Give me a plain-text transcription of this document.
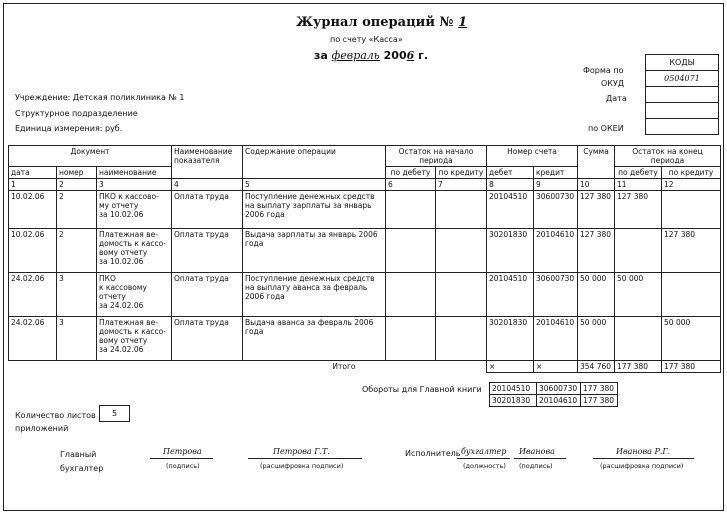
Журнал операций № 1
по счету «Касса»
за февраль 2006 г.
Форма по
ОКУД
Дата
по ОКЕИ
КОДЫ
0504071

Учреждение: Детская поликлиника № 1
Структурное подразделение
Единица измерения: руб.
Документ			Наименование показателя	Содержание операции	Остаток на начало периода		Номер счета		Сумма	Остаток на конец периода	
дата	номер	наименование			по дебету	по кредиту	дебет	кредит		по дебету	по кредиту
1	2	3	4	5	6	7	8	9	10	11	12
10.02.06	2	ПКО к кассово-
му отчету
за 10.02.06	Оплата труда	Поступление денежных средств на выплату зарплаты за январь 2006 года			20104510	30600730	127 380	127 380	
10.02.06	2	Платежная ве-
домость к кассо-
вому отчету
за 10.02.06	Оплата труда	Выдача зарплаты за январь 2006 года			30201830	20104610	127 380		127 380
24.02.06	3	ПКО
к кассовому
отчету
за 24.02.06	Оплата труда	Поступление денежных средств на выплату аванса за февраль 2006 года			20104510	30600730	50 000	50 000	
24.02.06	3	Платежная ве-
домость к кассо-
вому отчету
за 24.02.06	Оплата труда	Выдача аванса за февраль 2006 года			30201830	20104610	50 000		50 000
Итого							×	×	354 760	177 380	177 380
Обороты для Главной книги 20104510	30600730	177 380
30201830	20104610	177 380
Количество листов приложений
5
Главный бухгалтер
Петрова
(подпись)
Петрова Г.Т.
(расшифровка подписи)
Исполнитель бухгалтер
(должность)
Иванова
(подпись)
Иванова Р.Г.
(расшифровка подписи)
